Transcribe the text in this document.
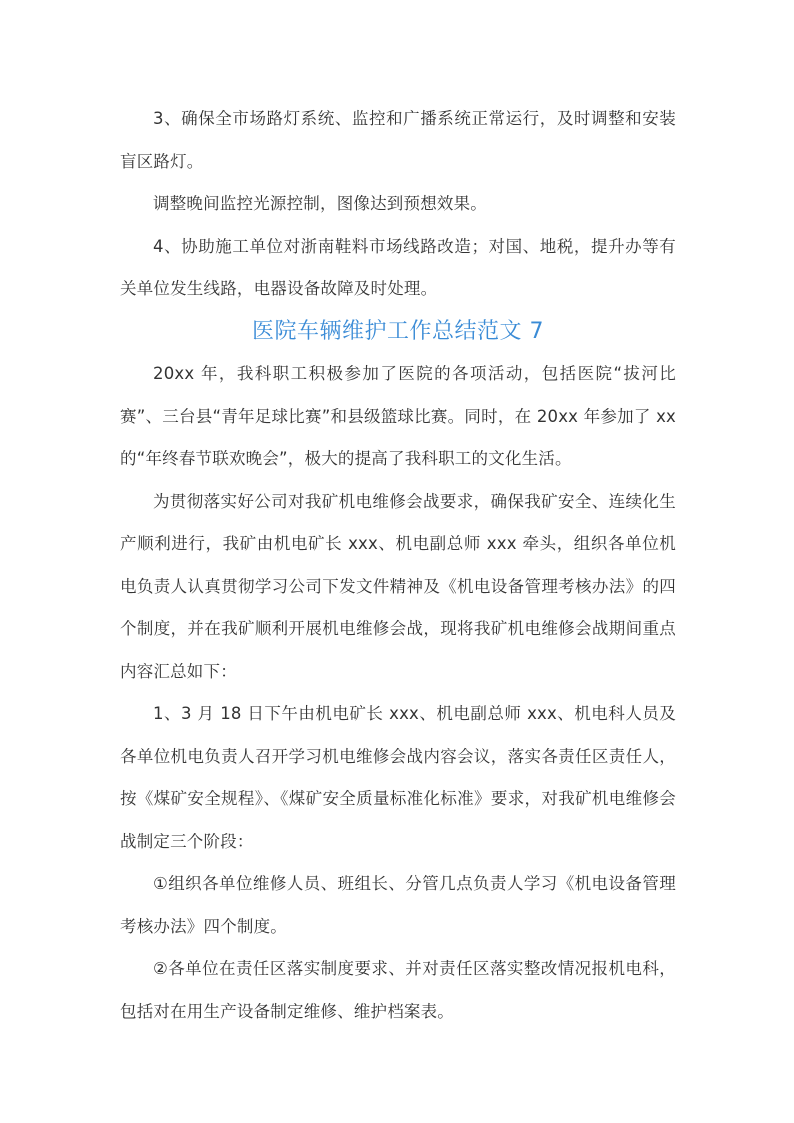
3、确保全市场路灯系统、监控和广播系统正常运行，及时调整和安装盲区路灯。

调整晚间监控光源控制，图像达到预想效果。

4、协助施工单位对浙南鞋料市场线路改造；对国、地税，提升办等有关单位发生线路，电器设备故障及时处理。

医院车辆维护工作总结范文 7

20xx 年，我科职工积极参加了医院的各项活动，包括医院“拔河比赛”、三台县“青年足球比赛”和县级篮球比赛。同时，在 20xx 年参加了 xx 的“年终春节联欢晚会”，极大的提高了我科职工的文化生活。

为贯彻落实好公司对我矿机电维修会战要求，确保我矿安全、连续化生产顺利进行，我矿由机电矿长 xxx、机电副总师 xxx 牵头，组织各单位机电负责人认真贯彻学习公司下发文件精神及《机电设备管理考核办法》的四个制度，并在我矿顺利开展机电维修会战，现将我矿机电维修会战期间重点内容汇总如下：

1、3 月 18 日下午由机电矿长 xxx、机电副总师 xxx、机电科人员及各单位机电负责人召开学习机电维修会战内容会议，落实各责任区责任人，按《煤矿安全规程》、《煤矿安全质量标准化标准》要求，对我矿机电维修会战制定三个阶段：

①组织各单位维修人员、班组长、分管几点负责人学习《机电设备管理考核办法》四个制度。

②各单位在责任区落实制度要求、并对责任区落实整改情况报机电科，包括对在用生产设备制定维修、维护档案表。
